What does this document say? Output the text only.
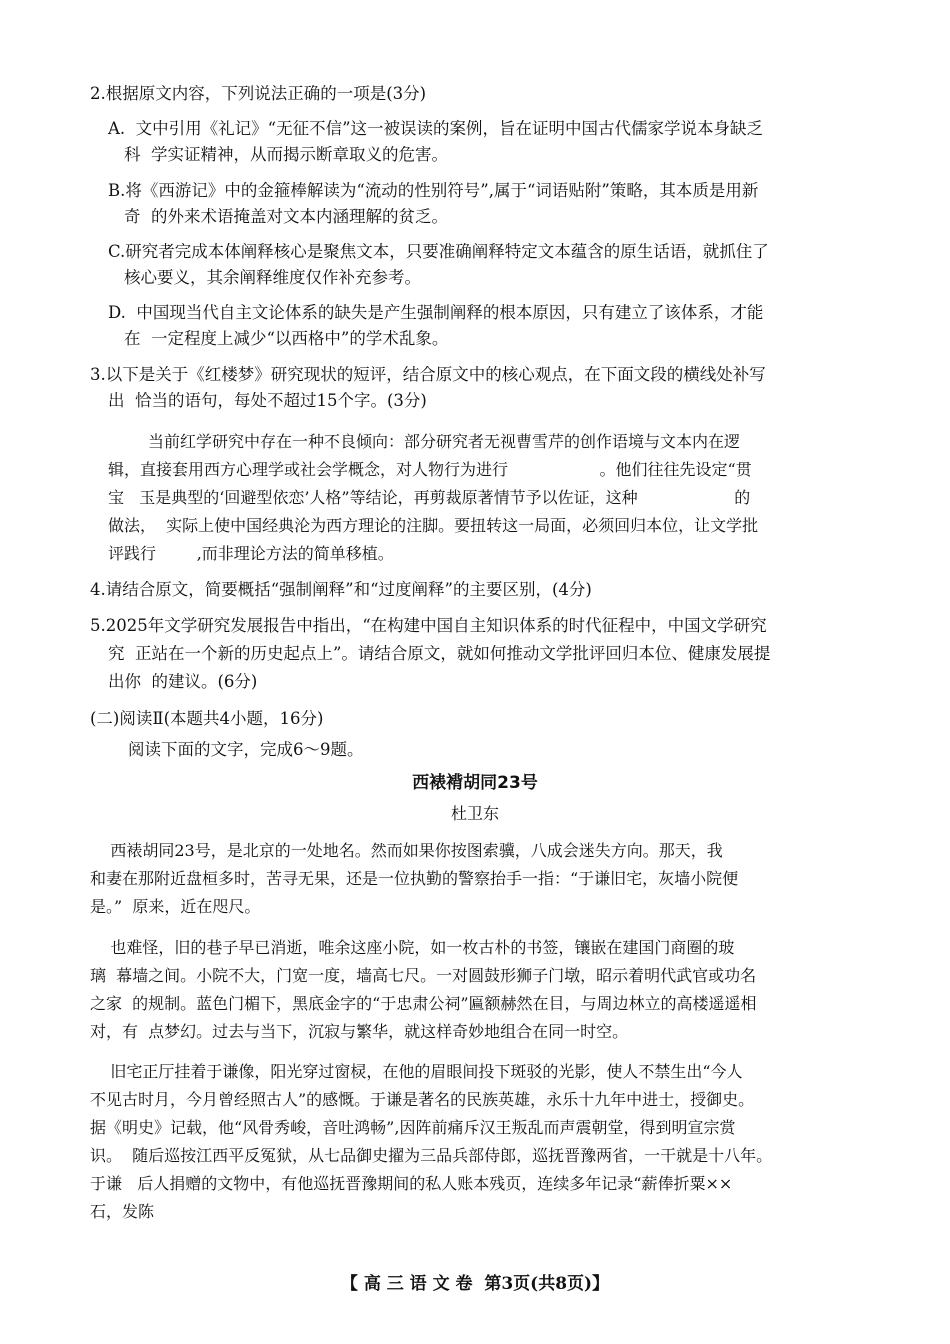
2.根据原文内容，下列说法正确的一项是(3分)
A.  文中引用《礼记》“无征不信”这一被误读的案例，旨在证明中国古代儒家学说本身缺乏
科  学实证精神，从而揭示断章取义的危害。
B.将《西游记》中的金箍棒解读为“流动的性别符号”,属于“词语贴附”策略，其本质是用新
奇  的外来术语掩盖对文本内涵理解的贫乏。
C.研究者完成本体阐释核心是聚焦文本，只要准确阐释特定文本蕴含的原生话语，就抓住了
核心要义，其余阐释维度仅作补充参考。
D.  中国现当代自主文论体系的缺失是产生强制阐释的根本原因，只有建立了该体系，才能
在  一定程度上减少“以西格中”的学术乱象。
3.以下是关于《红楼梦》研究现状的短评，结合原文中的核心观点，在下面文段的横线处补写
出  恰当的语句，每处不超过15个字。(3分)
当前红学研究中存在一种不良倾向：部分研究者无视曹雪芹的创作语境与文本内在逻
辑，直接套用西方心理学或社会学概念，对人物行为进行                  。他们往往先设定“贯
宝   玉是典型的‘回避型依恋’人格”等结论，再剪裁原著情节予以佐证，这种                   的
做法，  实际上使中国经典沦为西方理论的注脚。要扭转这一局面，必须回归本位，让文学批
评践行        ,而非理论方法的简单移植。
4.请结合原文，简要概括“强制阐释”和“过度阐释”的主要区别，(4分)
5.2025年文学研究发展报告中指出，“在构建中国自主知识体系的时代征程中，中国文学研究
究  正站在一个新的历史起点上”。请结合原文，就如何推动文学批评回归本位、健康发展提
出你  的建议。(6分)
(二)阅读Ⅱ(本题共4小题，16分)
阅读下面的文字，完成6～9题。
西裱褙胡同23号
杜卫东
西裱胡同23号，是北京的一处地名。然而如果你按图索骥，八成会迷失方向。那天，我
和妻在那附近盘桓多时，苦寻无果，还是一位执勤的警察抬手一指：“于谦旧宅，灰墙小院便
是。”  原来，近在咫尺。
也难怪，旧的巷子早已消逝，唯余这座小院，如一枚古朴的书签，镶嵌在建国门商圈的玻
璃  幕墙之间。小院不大，门宽一度，墙高七尺。一对圆鼓形狮子门墩，昭示着明代武官或功名
之家  的规制。蓝色门楣下，黑底金字的“于忠肃公祠”匾额赫然在目，与周边林立的高楼遥遥相
对，有  点梦幻。过去与当下，沉寂与繁华，就这样奇妙地组合在同一时空。
旧宅正厅挂着于谦像，阳光穿过窗棂，在他的眉眼间投下斑驳的光影，使人不禁生出“今人
不见古时月，今月曾经照古人”的感慨。于谦是著名的民族英雄，永乐十九年中进士，授御史。
据《明史》记载，他“风骨秀峻，音吐鸿畅”,因阵前痛斥汉王叛乱而声震朝堂，得到明宣宗赏
识。  随后巡按江西平反冤狱，从七品御史擢为三品兵部侍郎，巡抚晋豫两省，一干就是十八年。
于谦   后人捐赠的文物中，有他巡抚晋豫期间的私人账本残页，连续多年记录“薪俸折粟××
石，发陈
【 高 三 语 文 卷  第3页(共8页)】
